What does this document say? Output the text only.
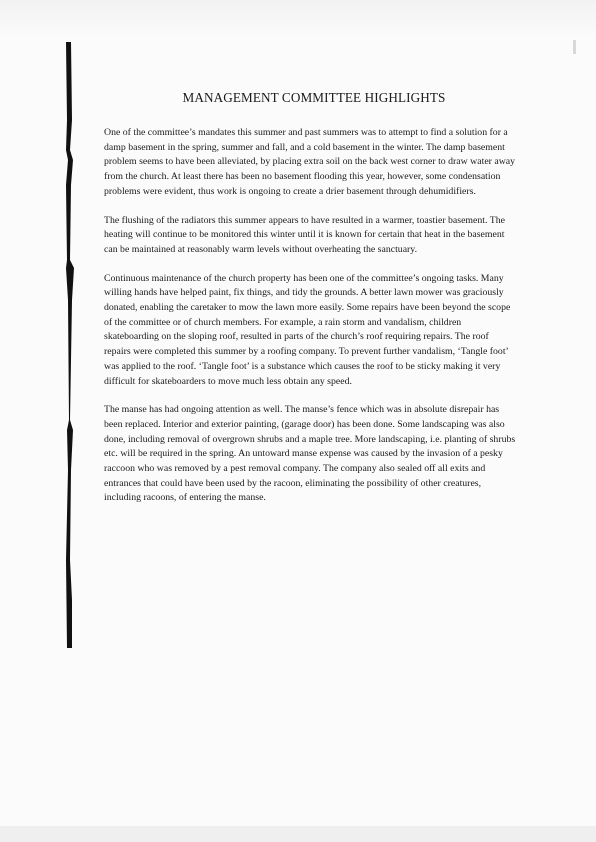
MANAGEMENT COMMITTEE HIGHLIGHTS

One of the committee’s mandates this summer and past summers was to attempt to find a solution for a damp basement in the spring, summer and fall, and a cold basement in the winter. The damp basement problem seems to have been alleviated, by placing extra soil on the back west corner to draw water away from the church. At least there has been no basement flooding this year, however, some condensation problems were evident, thus work is ongoing to create a drier basement through dehumidifiers.

The flushing of the radiators this summer appears to have resulted in a warmer, toastier basement. The heating will continue to be monitored this winter until it is known for certain that heat in the basement can be maintained at reasonably warm levels without overheating the sanctuary.

Continuous maintenance of the church property has been one of the committee’s ongoing tasks. Many willing hands have helped paint, fix things, and tidy the grounds. A better lawn mower was graciously donated, enabling the caretaker to mow the lawn more easily. Some repairs have been beyond the scope of the committee or of church members. For example, a rain storm and vandalism, children skateboarding on the sloping roof, resulted in parts of the church’s roof requiring repairs. The roof repairs were completed this summer by a roofing company. To prevent further vandalism, ‘Tangle foot’ was applied to the roof. ‘Tangle foot’ is a substance which causes the roof to be sticky making it very difficult for skateboarders to move much less obtain any speed.

The manse has had ongoing attention as well. The manse’s fence which was in absolute disrepair has been replaced. Interior and exterior painting, (garage door) has been done. Some landscaping was also done, including removal of overgrown shrubs and a maple tree. More landscaping, i.e. planting of shrubs etc. will be required in the spring. An untoward manse expense was caused by the invasion of a pesky raccoon who was removed by a pest removal company. The company also sealed off all exits and entrances that could have been used by the racoon, eliminating the possibility of other creatures, including racoons, of entering the manse.
